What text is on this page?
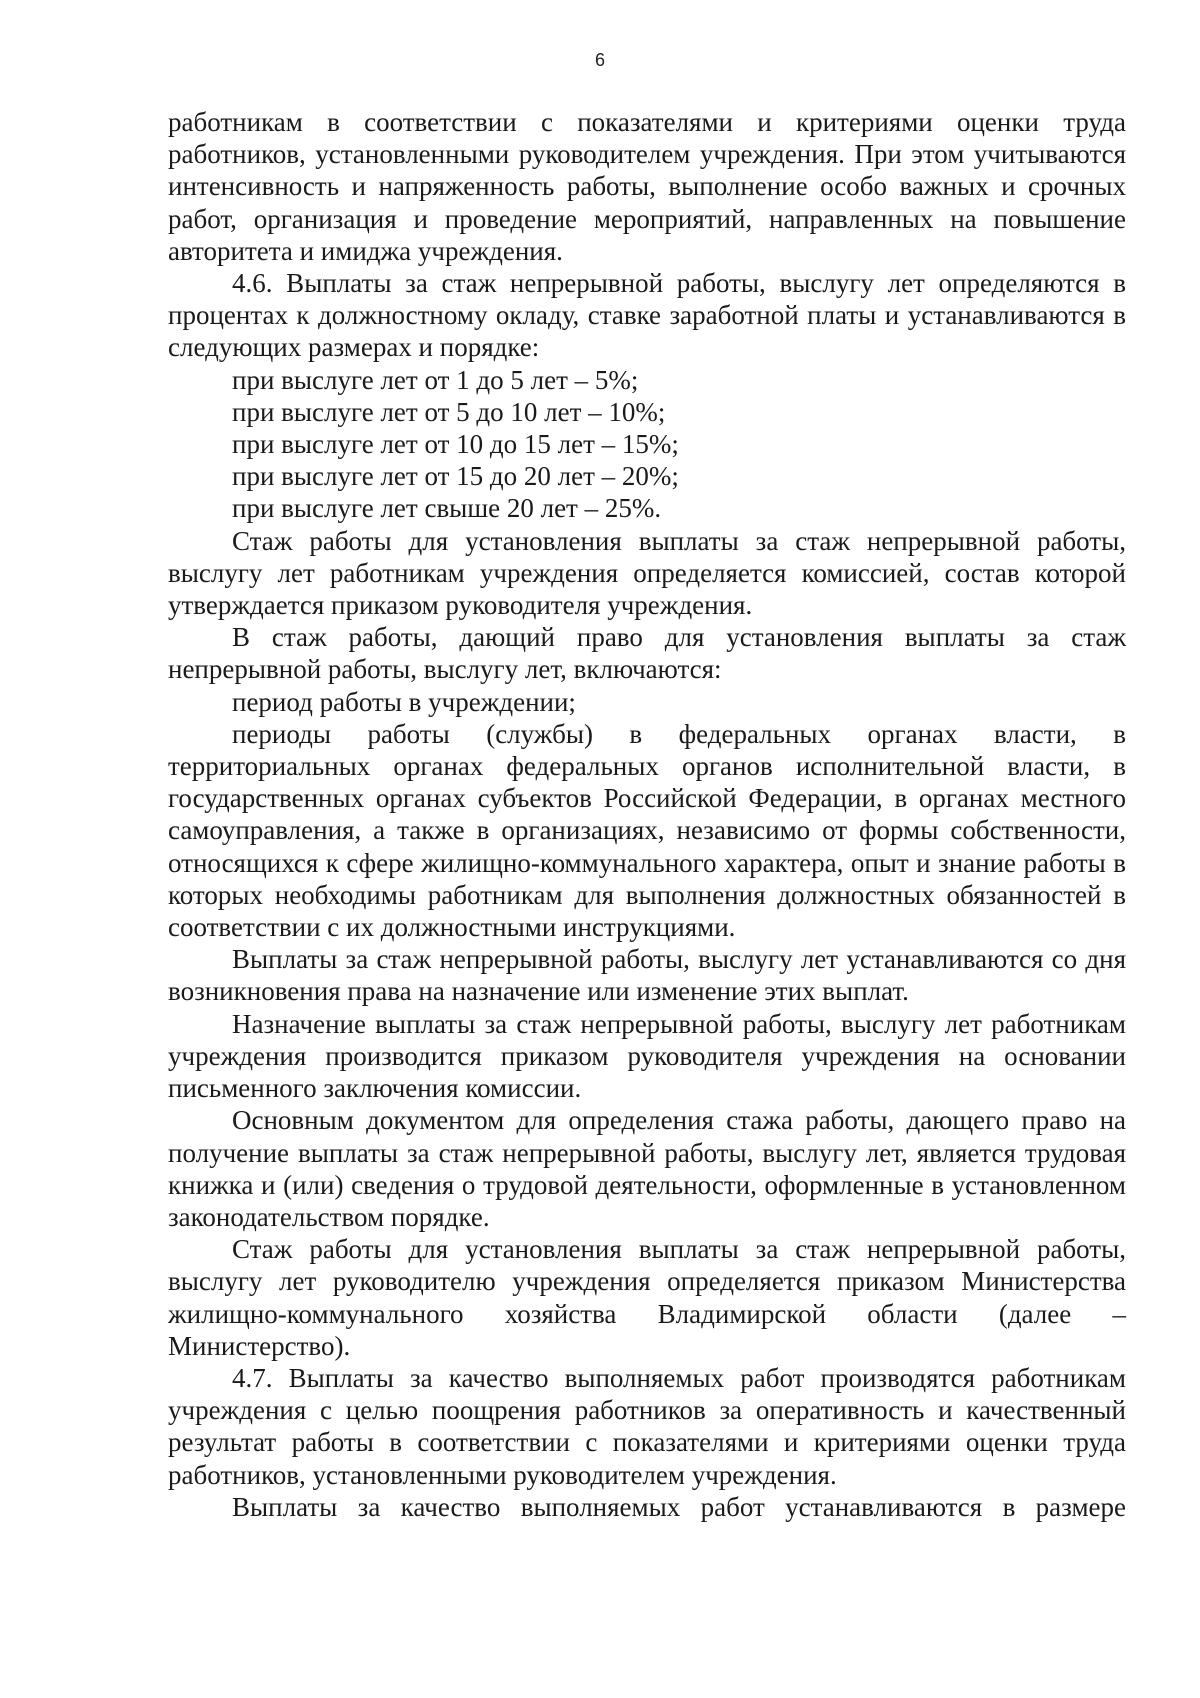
6

работникам в соответствии с показателями и критериями оценки труда работников, установленными руководителем учреждения. При этом учитываются интенсивность и напряженность работы, выполнение особо важных и срочных работ, организация и проведение мероприятий, направленных на повышение авторитета и имиджа учреждения.

4.6. Выплаты за стаж непрерывной работы, выслугу лет определяются в процентах к должностному окладу, ставке заработной платы и устанавливаются в следующих размерах и порядке:

при выслуге лет от 1 до 5 лет – 5%;

при выслуге лет от 5 до 10 лет – 10%;

при выслуге лет от 10 до 15 лет – 15%;

при выслуге лет от 15 до 20 лет – 20%;

при выслуге лет свыше 20 лет – 25%.

Стаж работы для установления выплаты за стаж непрерывной работы, выслугу лет работникам учреждения определяется комиссией, состав которой утверждается приказом руководителя учреждения.

В стаж работы, дающий право для установления выплаты за стаж непрерывной работы, выслугу лет, включаются:

период работы в учреждении;

периоды работы (службы) в федеральных органах власти, в территориальных органах федеральных органов исполнительной власти, в государственных органах субъектов Российской Федерации, в органах местного самоуправления, а также в организациях, независимо от формы собственности, относящихся к сфере жилищно-коммунального характера, опыт и знание работы в которых необходимы работникам для выполнения должностных обязанностей в соответствии с их должностными инструкциями.

Выплаты за стаж непрерывной работы, выслугу лет устанавливаются со дня возникновения права на назначение или изменение этих выплат.

Назначение выплаты за стаж непрерывной работы, выслугу лет работникам учреждения производится приказом руководителя учреждения на основании письменного заключения комиссии.

Основным документом для определения стажа работы, дающего право на получение выплаты за стаж непрерывной работы, выслугу лет, является трудовая книжка и (или) сведения о трудовой деятельности, оформленные в установленном законодательством порядке.

Стаж работы для установления выплаты за стаж непрерывной работы, выслугу лет руководителю учреждения определяется приказом Министерства жилищно-коммунального хозяйства Владимирской области (далее – Министерство).

4.7. Выплаты за качество выполняемых работ производятся работникам учреждения с целью поощрения работников за оперативность и качественный результат работы в соответствии с показателями и критериями оценки труда работников, установленными руководителем учреждения.

Выплаты за качество выполняемых работ устанавливаются в размере
